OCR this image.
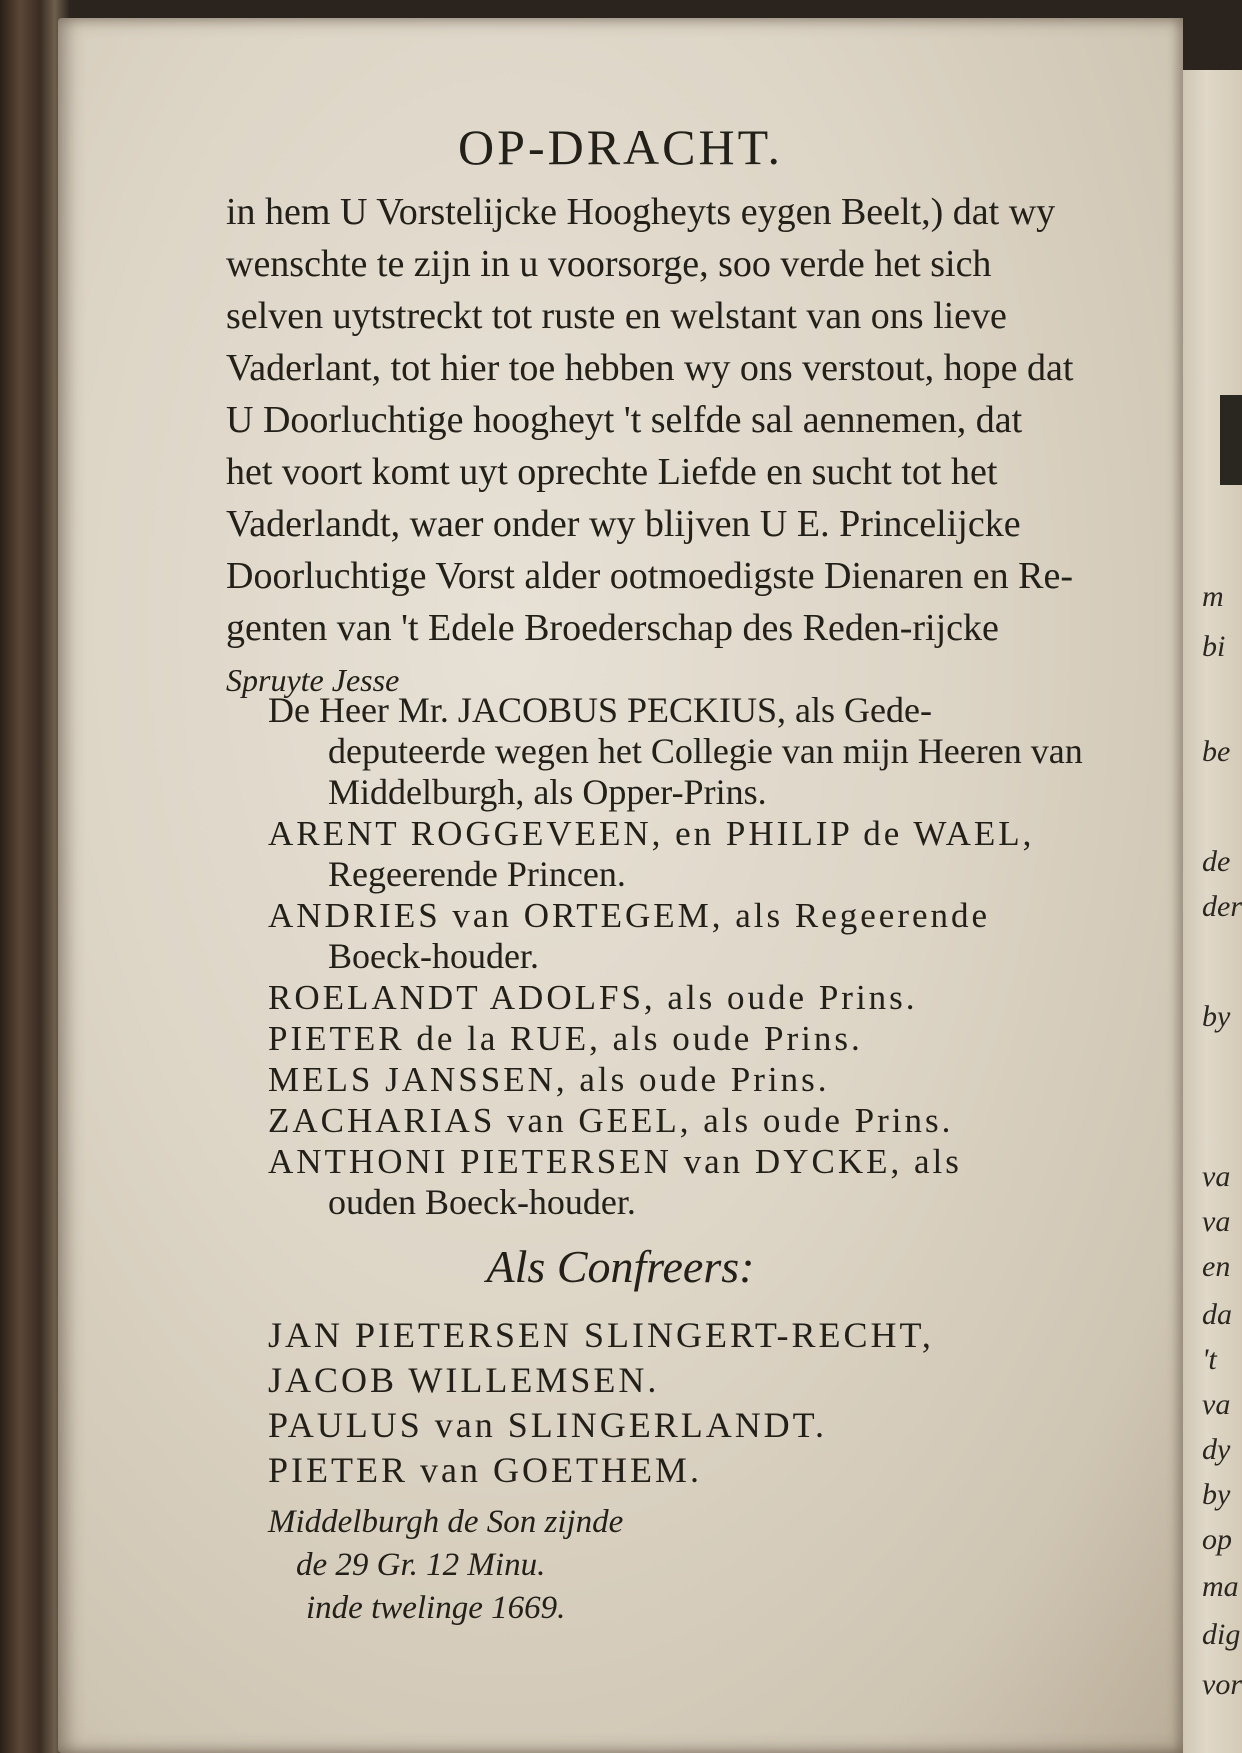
m
bi
be
de
der
by
va
va
en
da
't
va
dy
by
op
ma
dig
vor
OP-DRACHT.
in hem U Vorstelijcke Hoogheyts eygen Beelt,) dat wy
wenschte te zijn in u voorsorge, soo verde het sich
selven uytstreckt tot ruste en welstant van ons lieve
Vaderlant, tot hier toe hebben wy ons verstout, hope dat
U Doorluchtige hoogheyt 't selfde sal aennemen, dat
het voort komt uyt oprechte Liefde en sucht tot het
Vaderlandt, waer onder wy blijven U E. Princelijcke
Doorluchtige Vorst alder ootmoedigste Dienaren en Re-
genten van 't Edele Broederschap des Reden-rijcke
Spruyte Jesse
De Heer Mr. JACOBUS PECKIUS, als Gede-
deputeerde wegen het Collegie van mijn Heeren van
Middelburgh, als Opper-Prins.
ARENT ROGGEVEEN, en PHILIP de WAEL,
Regeerende Princen.
ANDRIES van ORTEGEM, als Regeerende
Boeck-houder.
ROELANDT ADOLFS, als oude Prins.
PIETER de la RUE, als oude Prins.
MELS JANSSEN, als oude Prins.
ZACHARIAS van GEEL, als oude Prins.
ANTHONI PIETERSEN van DYCKE, als
ouden Boeck-houder.
Als Confreers:
JAN PIETERSEN SLINGERT-RECHT,
JACOB WILLEMSEN.
PAULUS van SLINGERLANDT.
PIETER van GOETHEM.
Middelburgh de Son zijnde
de 29 Gr. 12 Minu.
inde twelinge 1669.
